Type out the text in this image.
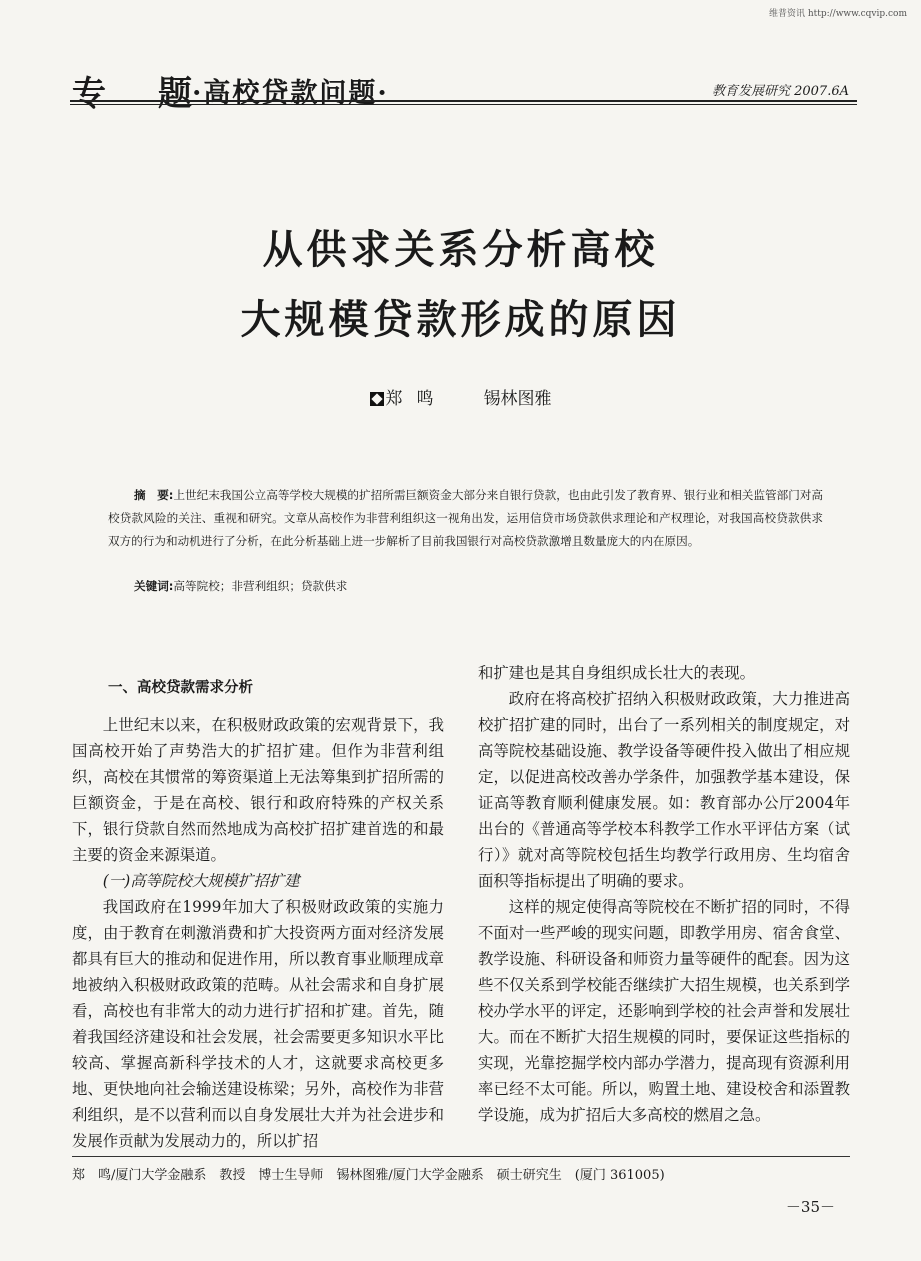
维普资讯 http://www.cqvip.com
专题·高校贷款问题·	教育发展研究 2007.6A
从供求关系分析高校
大规模贷款形成的原因
郑鸣 锡林图雅
摘　要:上世纪末我国公立高等学校大规模的扩招所需巨额资金大部分来自银行贷款，也由此引发了教育界、银行业和相关监管部门对高校贷款风险的关注、重视和研究。文章从高校作为非营利组织这一视角出发，运用信贷市场贷款供求理论和产权理论，对我国高校贷款供求双方的行为和动机进行了分析，在此分析基础上进一步解析了目前我国银行对高校贷款激增且数量庞大的内在原因。
关键词:高等院校；非营利组织；贷款供求
一、高校贷款需求分析

上世纪末以来，在积极财政政策的宏观背景下，我国高校开始了声势浩大的扩招扩建。但作为非营利组织，高校在其惯常的筹资渠道上无法筹集到扩招所需的巨额资金，于是在高校、银行和政府特殊的产权关系下，银行贷款自然而然地成为高校扩招扩建首选的和最主要的资金来源渠道。

(一)高等院校大规模扩招扩建

我国政府在1999年加大了积极财政政策的实施力度，由于教育在刺激消费和扩大投资两方面对经济发展都具有巨大的推动和促进作用，所以教育事业顺理成章地被纳入积极财政政策的范畴。从社会需求和自身扩展看，高校也有非常大的动力进行扩招和扩建。首先，随着我国经济建设和社会发展，社会需要更多知识水平比较高、掌握高新科学技术的人才，这就要求高校更多地、更快地向社会输送建设栋梁；另外，高校作为非营利组织，是不以营利而以自身发展壮大并为社会进步和发展作贡献为发展动力的，所以扩招

和扩建也是其自身组织成长壮大的表现。

政府在将高校扩招纳入积极财政政策，大力推进高校扩招扩建的同时，出台了一系列相关的制度规定，对高等院校基础设施、教学设备等硬件投入做出了相应规定，以促进高校改善办学条件，加强教学基本建设，保证高等教育顺利健康发展。如：教育部办公厅2004年出台的《普通高等学校本科教学工作水平评估方案（试行）》就对高等院校包括生均教学行政用房、生均宿舍面积等指标提出了明确的要求。

这样的规定使得高等院校在不断扩招的同时，不得不面对一些严峻的现实问题，即教学用房、宿舍食堂、教学设施、科研设备和师资力量等硬件的配套。因为这些不仅关系到学校能否继续扩大招生规模，也关系到学校办学水平的评定，还影响到学校的社会声誉和发展壮大。而在不断扩大招生规模的同时，要保证这些指标的实现，光靠挖掘学校内部办学潜力，提高现有资源利用率已经不太可能。所以，购置土地、建设校舍和添置教学设施，成为扩招后大多高校的燃眉之急。

郑　鸣/厦门大学金融系　教授　博士生导师　锡林图雅/厦门大学金融系　硕士研究生　(厦门 361005)
－35－
